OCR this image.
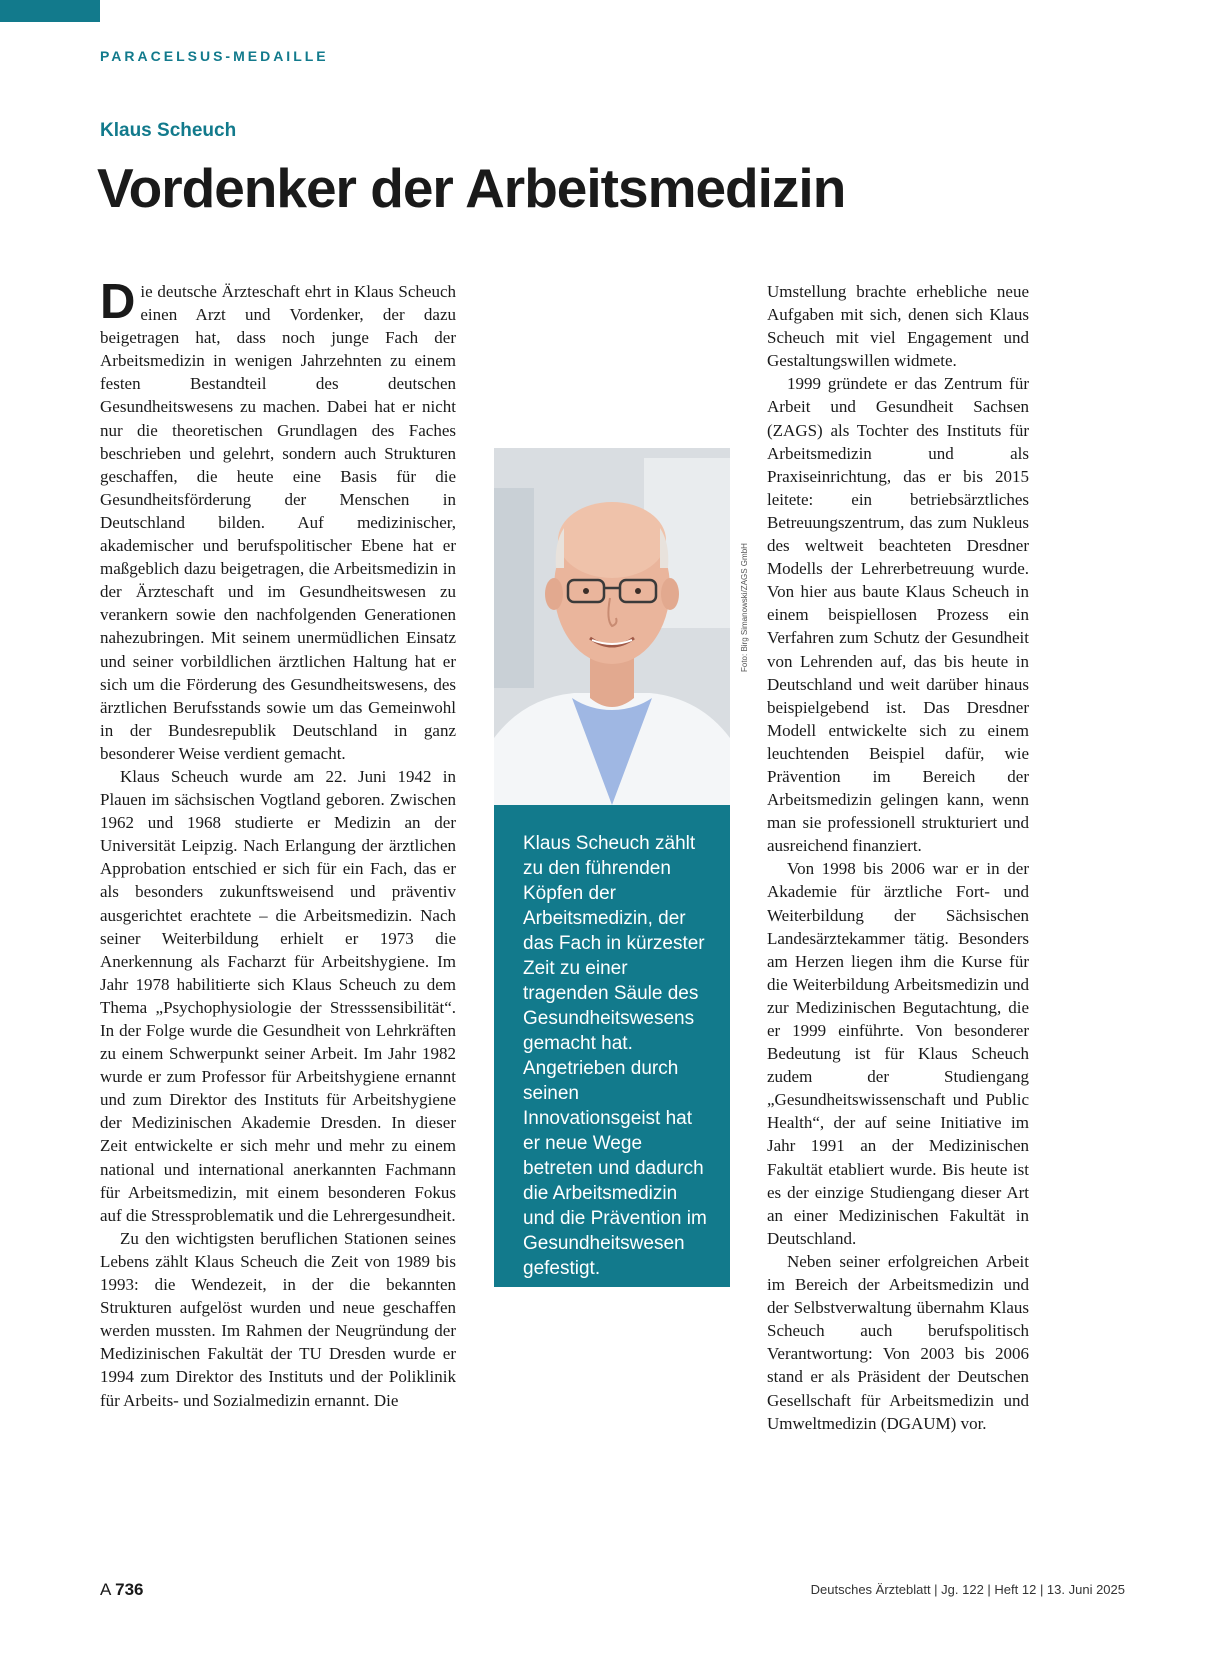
PARACELSUS-MEDAILLE
Klaus Scheuch
Vordenker der Arbeitsmedizin

Die deutsche Ärzteschaft ehrt in Klaus Scheuch einen Arzt und Vordenker, der dazu beigetragen hat, dass noch junge Fach der Arbeitsmedizin in wenigen Jahrzehnten zu einem festen Bestandteil des deutschen Gesundheitswesens zu machen. Dabei hat er nicht nur die theoretischen Grundlagen des Faches beschrieben und gelehrt, sondern auch Strukturen geschaffen, die heute eine Basis für die Gesundheitsförderung der Menschen in Deutschland bilden. Auf medizinischer, akademischer und berufspolitischer Ebene hat er maßgeblich dazu beigetragen, die Arbeitsmedizin in der Ärzteschaft und im Gesundheitswesen zu verankern sowie den nachfolgenden Generationen nahezubringen. Mit seinem unermüdlichen Einsatz und seiner vorbildlichen ärztlichen Haltung hat er sich um die Förderung des Gesundheitswesens, des ärztlichen Berufsstands sowie um das Gemeinwohl in der Bundesrepublik Deutschland in ganz besonderer Weise verdient gemacht.

Klaus Scheuch wurde am 22. Juni 1942 in Plauen im sächsischen Vogtland geboren. Zwischen 1962 und 1968 studierte er Medizin an der Universität Leipzig. Nach Erlangung der ärztlichen Approbation entschied er sich für ein Fach, das er als besonders zukunftsweisend und präventiv ausgerichtet erachtete – die Arbeitsmedizin. Nach seiner Weiterbildung erhielt er 1973 die Anerkennung als Facharzt für Arbeitshygiene. Im Jahr 1978 habilitierte sich Klaus Scheuch zu dem Thema „Psychophysiologie der Stresssensibilität“. In der Folge wurde die Gesundheit von Lehrkräften zu einem Schwerpunkt seiner Arbeit. Im Jahr 1982 wurde er zum Professor für Arbeitshygiene ernannt und zum Direktor des Instituts für Arbeitshygiene der Medizinischen Akademie Dresden. In dieser Zeit entwickelte er sich mehr und mehr zu einem national und international anerkannten Fachmann für Arbeitsmedizin, mit einem besonderen Fokus auf die Stressproblematik und die Lehrergesundheit.

Zu den wichtigsten beruflichen Stationen seines Lebens zählt Klaus Scheuch die Zeit von 1989 bis 1993: die Wendezeit, in der die bekannten Strukturen aufgelöst wurden und neue geschaffen werden mussten. Im Rahmen der Neugründung der Medizinischen Fakultät der TU Dresden wurde er 1994 zum Direktor des Instituts und der Poliklinik für Arbeits- und Sozialmedizin ernannt. Die

Foto: Birg Simanowski/ZAGS GmbH
Klaus Scheuch zählt zu den führenden Köpfen der Arbeitsmedizin, der das Fach in kürzester Zeit zu einer tragenden Säule des Gesundheitswesens gemacht hat. Angetrieben durch seinen Innovationsgeist hat er neue Wege betreten und dadurch die Arbeitsmedizin und die Prävention im Gesundheitswesen gefestigt.

Umstellung brachte erhebliche neue Aufgaben mit sich, denen sich Klaus Scheuch mit viel Engagement und Gestaltungswillen widmete.

1999 gründete er das Zentrum für Arbeit und Gesundheit Sachsen (ZAGS) als Tochter des Instituts für Arbeitsmedizin und als Praxiseinrichtung, das er bis 2015 leitete: ein betriebsärztliches Betreuungszentrum, das zum Nukleus des weltweit beachteten Dresdner Modells der Lehrerbetreuung wurde. Von hier aus baute Klaus Scheuch in einem beispiellosen Prozess ein Verfahren zum Schutz der Gesundheit von Lehrenden auf, das bis heute in Deutschland und weit darüber hinaus beispielgebend ist. Das Dresdner Modell entwickelte sich zu einem leuchtenden Beispiel dafür, wie Prävention im Bereich der Arbeitsmedizin gelingen kann, wenn man sie professionell strukturiert und ausreichend finanziert.

Von 1998 bis 2006 war er in der Akademie für ärztliche Fort- und Weiterbildung der Sächsischen Landesärztekammer tätig. Besonders am Herzen liegen ihm die Kurse für die Weiterbildung Arbeitsmedizin und zur Medizinischen Begutachtung, die er 1999 einführte. Von besonderer Bedeutung ist für Klaus Scheuch zudem der Studiengang „Gesundheitswissenschaft und Public Health“, der auf seine Initiative im Jahr 1991 an der Medizinischen Fakultät etabliert wurde. Bis heute ist es der einzige Studiengang dieser Art an einer Medizinischen Fakultät in Deutschland.

Neben seiner erfolgreichen Arbeit im Bereich der Arbeitsmedizin und der Selbstverwaltung übernahm Klaus Scheuch auch berufspolitisch Verantwortung: Von 2003 bis 2006 stand er als Präsident der Deutschen Gesellschaft für Arbeitsmedizin und Umweltmedizin (DGAUM) vor.

A 736	Deutsches Ärzteblatt | Jg. 122 | Heft 12 | 13. Juni 2025
